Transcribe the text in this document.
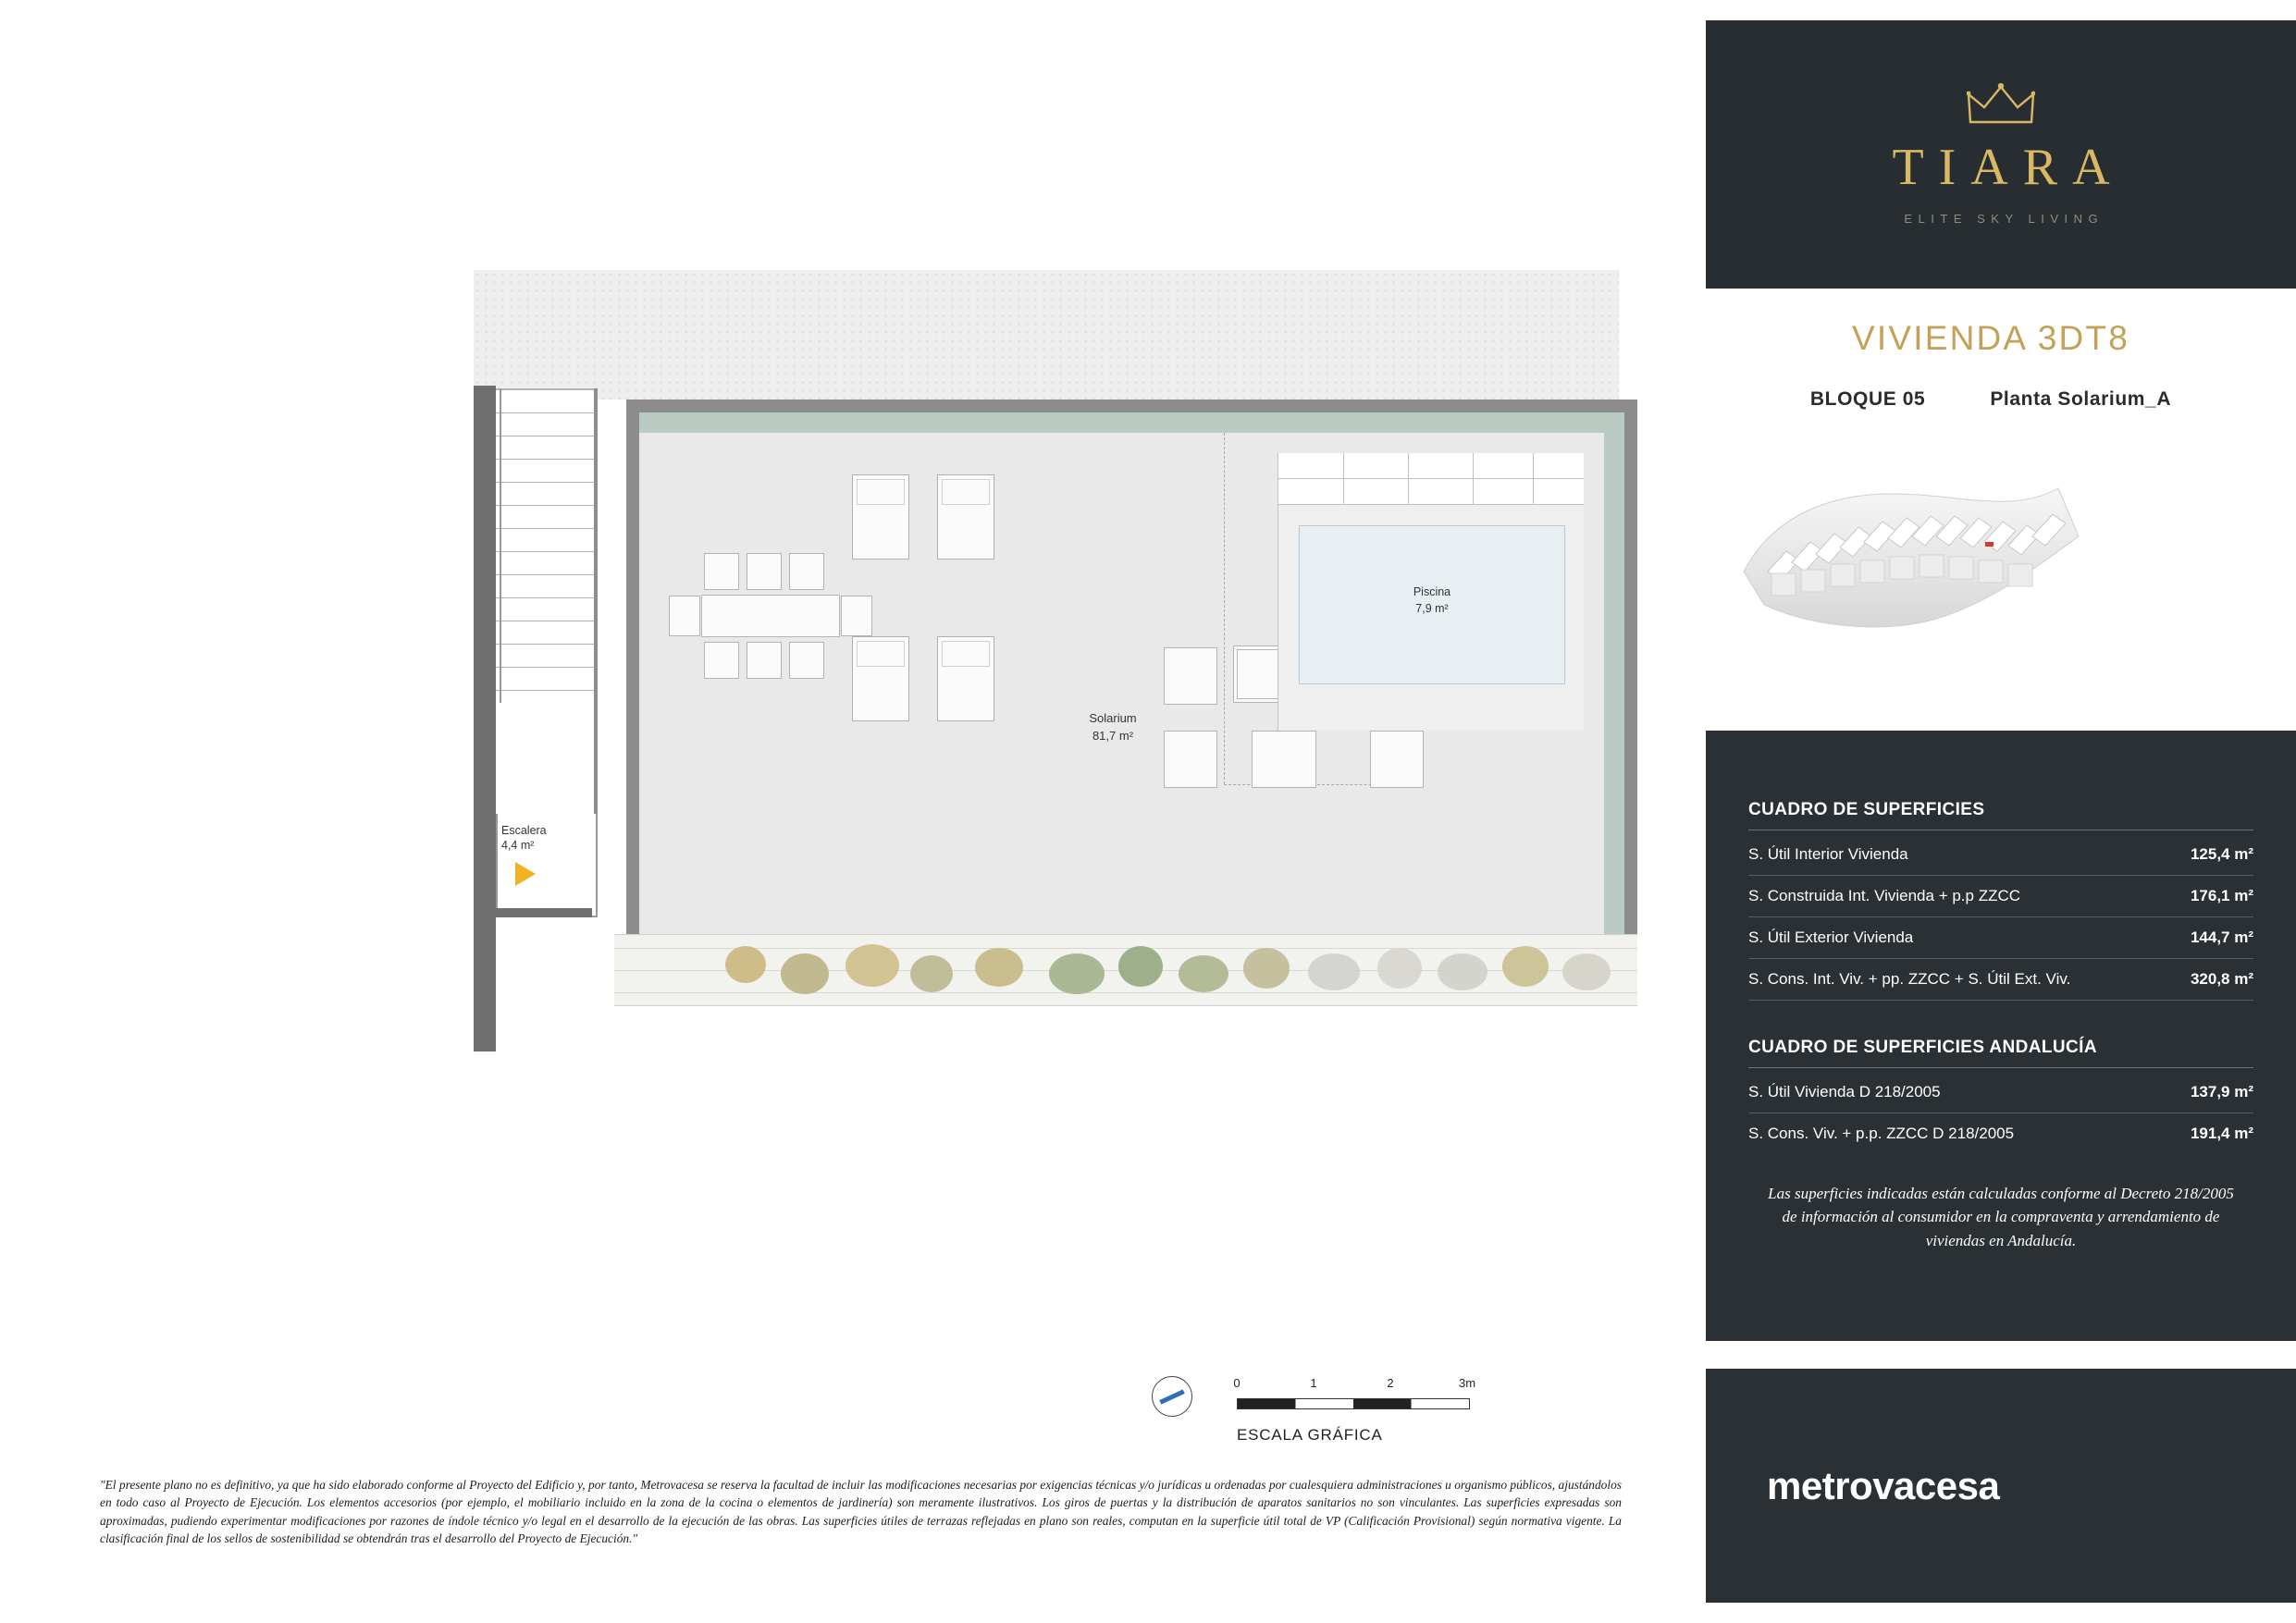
Escalera
4,4 m²
Piscina
7,9 m²
Solarium
81,7 m²
0	1	2	3m
ESCALA GRÁFICA
"El presente plano no es definitivo, ya que ha sido elaborado conforme al Proyecto del Edificio y, por tanto, Metrovacesa se reserva la facultad de incluir las modificaciones necesarias por exigencias técnicas y/o jurídicas u ordenadas por cualesquiera administraciones u organismo públicos, ajustándolos en todo caso al Proyecto de Ejecución. Los elementos accesorios (por ejemplo, el mobiliario incluido en la zona de la cocina o elementos de jardinería) son meramente ilustrativos. Los giros de puertas y la distribución de aparatos sanitarios no son vinculantes. Las superficies expresadas son aproximadas, pudiendo experimentar modificaciones por razones de índole técnico y/o legal en el desarrollo de la ejecución de las obras. Las superficies útiles de terrazas reflejadas en plano son reales, computan en la superficie útil total de VP (Calificación Provisional) según normativa vigente. La clasificación final de los sellos de sostenibilidad se obtendrán tras el desarrollo del Proyecto de Ejecución."
TIARA
ELITE SKY LIVING
VIVIENDA 3DT8
BLOQUE 05	Planta Solarium_A
CUADRO DE SUPERFICIES
S. Útil Interior Vivienda	125,4 m²
S. Construida Int. Vivienda + p.p ZZCC	176,1 m²
S. Útil Exterior Vivienda	144,7 m²
S. Cons. Int. Viv. + pp. ZZCC + S. Útil Ext. Viv.	320,8 m²
CUADRO DE SUPERFICIES ANDALUCÍA
S. Útil Vivienda D 218/2005	137,9 m²
S. Cons. Viv. + p.p. ZZCC D 218/2005	191,4 m²
Las superficies indicadas están calculadas conforme al Decreto 218/2005 de información al consumidor en la compraventa y arrendamiento de viviendas en Andalucía.
metrovacesa
